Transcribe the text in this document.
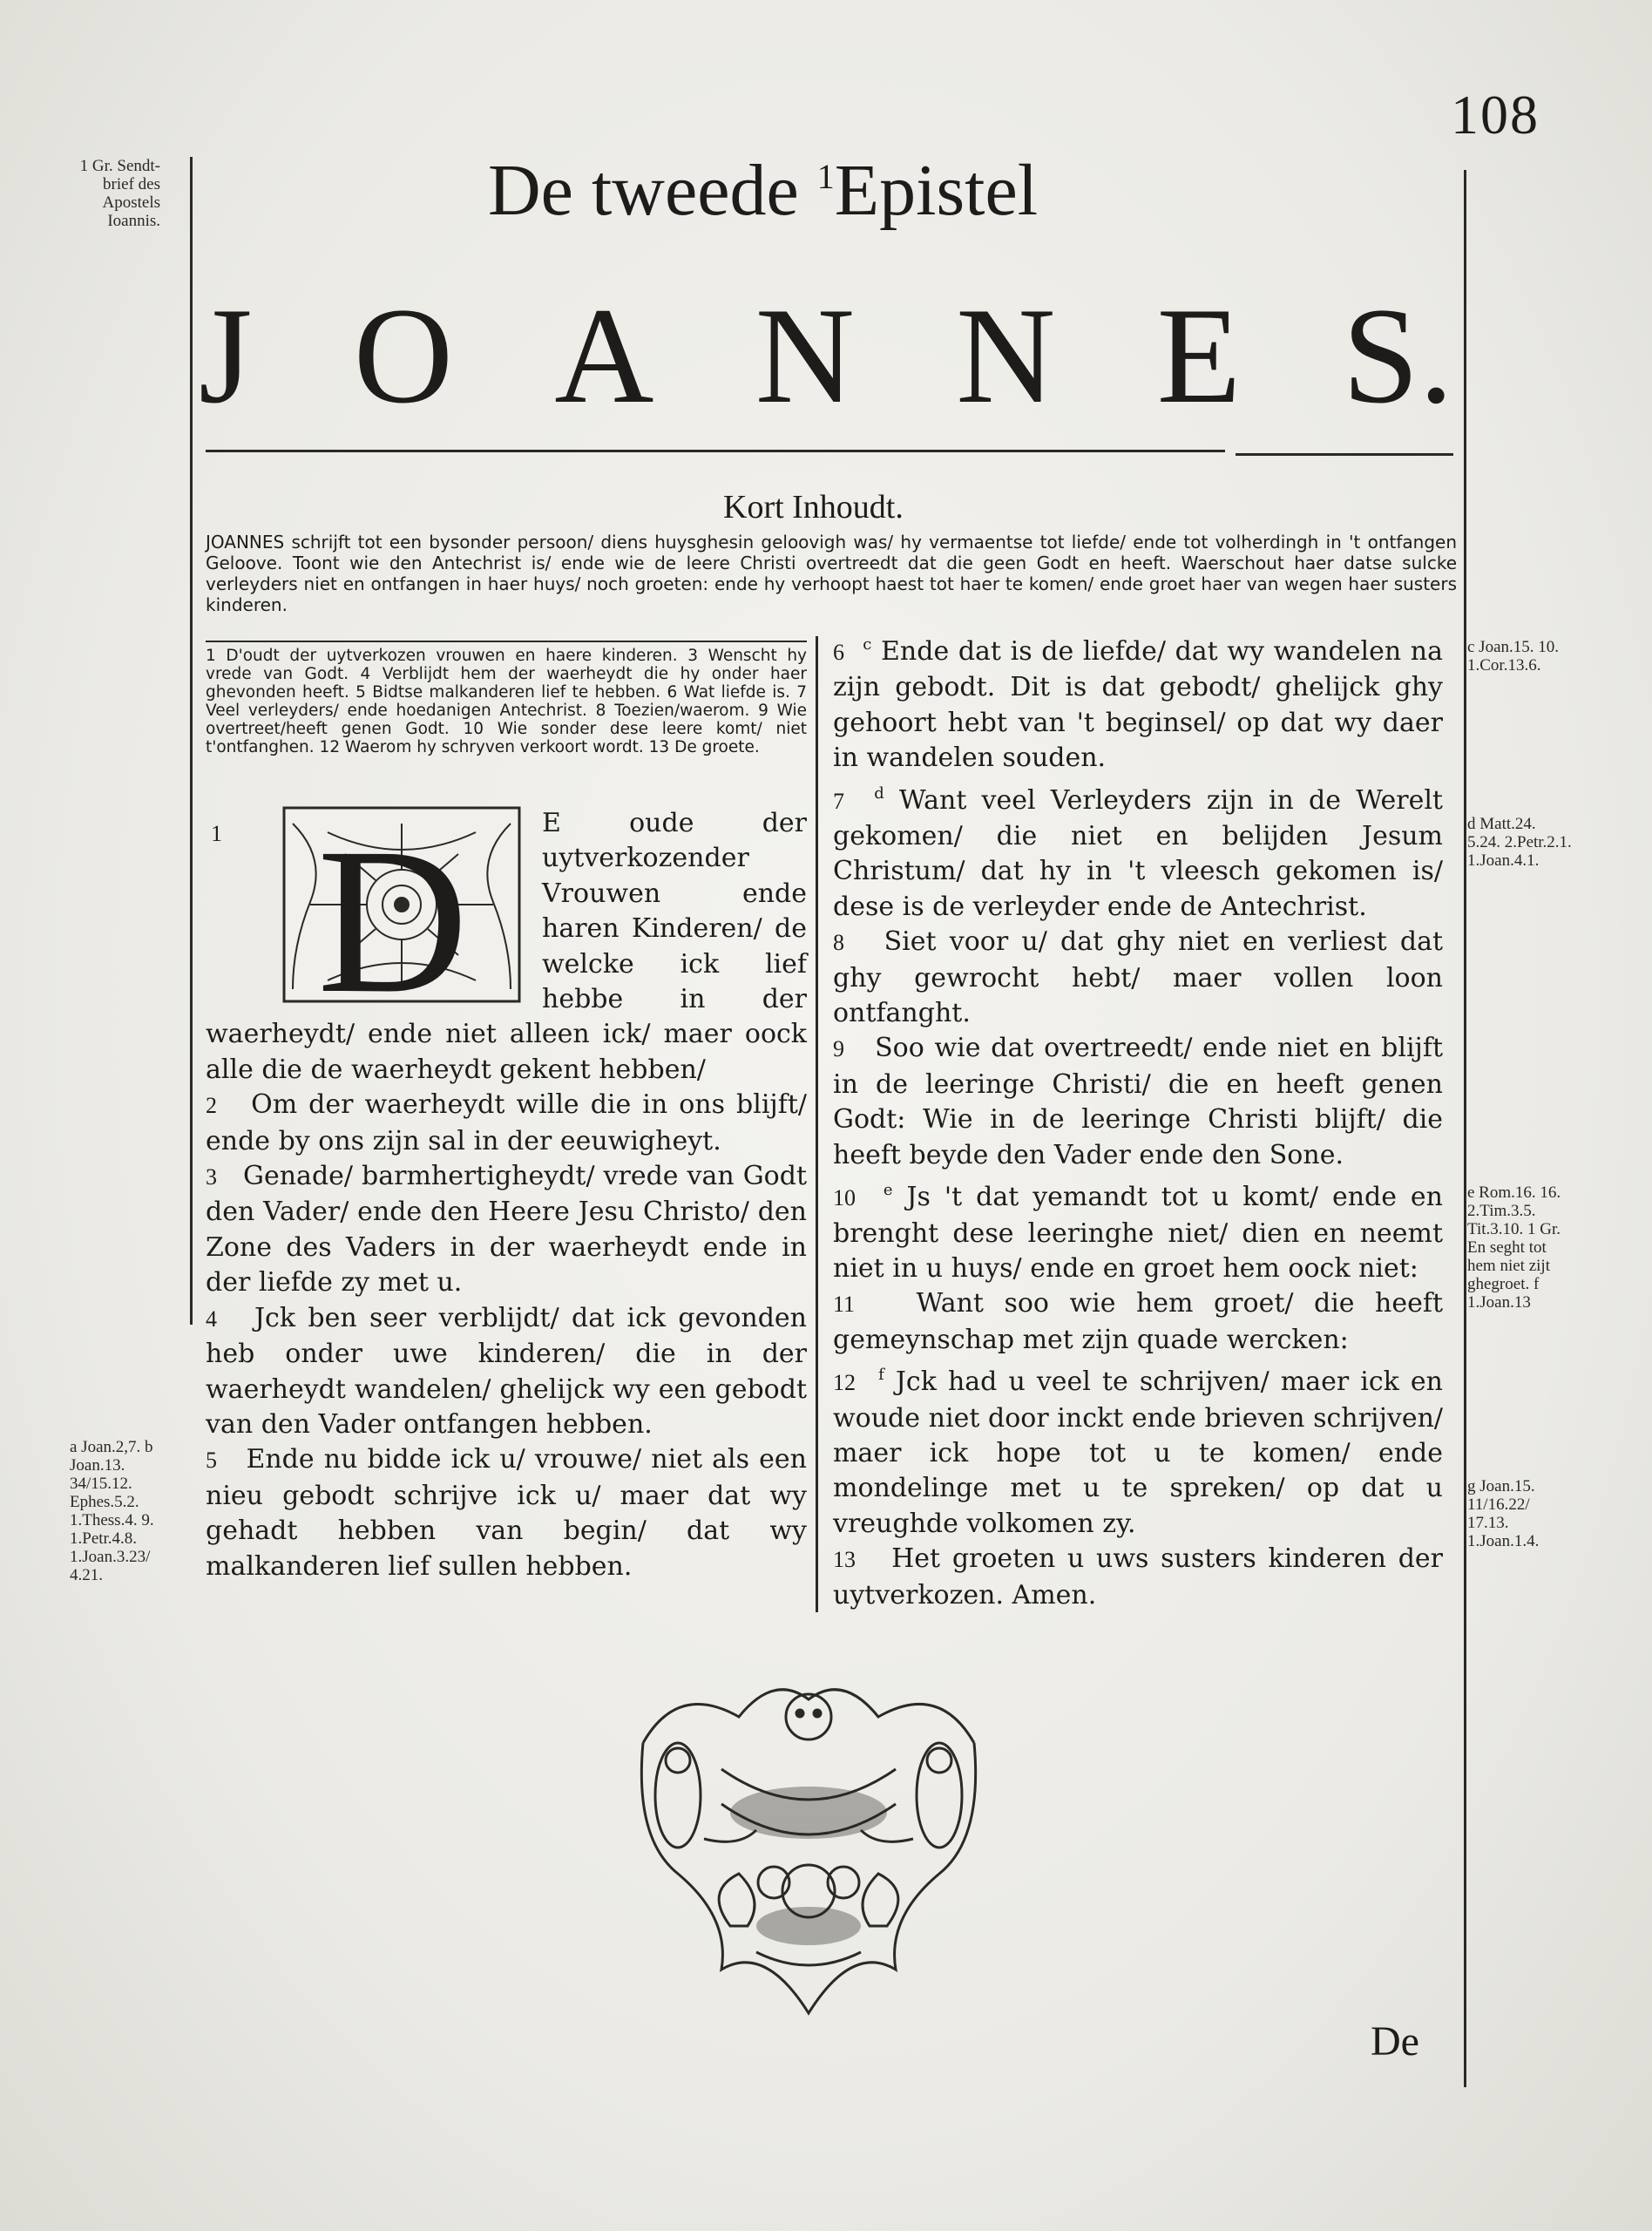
108
1 Gr. Sendt-brief des Apostels Ioannis.	De tweede $^1$Epistel
J O A N N E S.
Kort Inhoudt.
JOANNES schrijft tot een bysonder persoon/ diens huysghesin geloovigh was/ hy vermaentse tot liefde/ ende tot volherdingh in 't ontfangen Geloove. Toont wie den Antechrist is/ ende wie de leere Christi overtreedt dat die geen Godt en heeft. Waerschout haer datse sulcke verleyders niet en ontfangen in haer huys/ noch groeten: ende hy verhoopt haest tot haer te komen/ ende groet haer van wegen haer susters kinderen.
1 D'oudt der uytverkozen vrouwen en haere kinderen. 3 Wenscht hy vrede van Godt. 4 Verblijdt hem der waerheydt die hy onder haer ghevonden heeft. 5 Bidtse malkanderen lief te hebben. 6 Wat liefde is. 7 Veel verleyders/ ende hoedanigen Antechrist. 8 Toezien/waerom. 9 Wie overtreet/heeft genen Godt. 10 Wie sonder dese leere komt/ niet t'ontfanghen. 12 Waerom hy schryven verkoort wordt. 13 De groete.

1 D	E oude der uytverkozender Vrouwen ende haren Kinderen/ de welcke ick lief hebbe in der waerheydt/ ende niet alleen ick/ maer oock alle die de waerheydt gekent hebben/

2 Om der waerheydt wille die in ons blijft/ ende by ons zijn sal in der eeuwigheyt.

3 Genade/ barmhertigheydt/ vrede van Godt den Vader/ ende den Heere Jesu Christo/ den Zone des Vaders in der waerheydt ende in der liefde zy met u.

4 Jck ben seer verblijdt/ dat ick gevonden heb onder uwe kinderen/ die in der waerheydt wandelen/ ghelijck wy een gebodt van den Vader ontfangen hebben.

5 Ende nu bidde ick u/ vrouwe/ niet als een nieu gebodt schrijve ick u/ maer dat wy gehadt hebben van begin/ dat wy malkanderen lief sullen hebben.

6 $^c$ Ende dat is de liefde/ dat wy wandelen na zijn gebodt. Dit is dat gebodt/ ghelijck ghy gehoort hebt van 't beginsel/ op dat wy daer in wandelen souden.

7 $^d$ Want veel Verleyders zijn in de Werelt gekomen/ die niet en belijden Jesum Christum/ dat hy in 't vleesch gekomen is/ dese is de verleyder ende de Antechrist.

8 Siet voor u/ dat ghy niet en verliest dat ghy gewrocht hebt/ maer vollen loon ontfanght.

9 Soo wie dat overtreedt/ ende niet en blijft in de leeringe Christi/ die en heeft genen Godt: Wie in de leeringe Christi blijft/ die heeft beyde den Vader ende den Sone.

10 $^e$ Js 't dat yemandt tot u komt/ ende en brenght dese leeringhe niet/ dien en neemt niet in u huys/ ende en groet hem oock niet:

11 Want soo wie hem groet/ die heeft gemeynschap met zijn quade wercken:

12 $^f$ Jck had u veel te schrijven/ maer ick en woude niet door inckt ende brieven schrijven/ maer ick hope tot u te komen/ ende mondelinge met u te spreken/ op dat u vreughde volkomen zy.

13 Het groeten u uws susters kinderen der uytverkozen. Amen.

a Joan.2,7. b Joan.13. 34/15.12. Ephes.5.2. 1.Thess.4. 9. 1.Petr.4.8. 1.Joan.3.23/ 4.21.
c Joan.15. 10. 1.Cor.13.6.
d Matt.24. 5.24. 2.Petr.2.1. 1.Joan.4.1.
e Rom.16. 16. 2.Tim.3.5. Tit.3.10. 1 Gr. En seght tot hem niet zijt ghegroet. f 1.Joan.13
g Joan.15. 11/16.22/ 17.13. 1.Joan.1.4.
De
